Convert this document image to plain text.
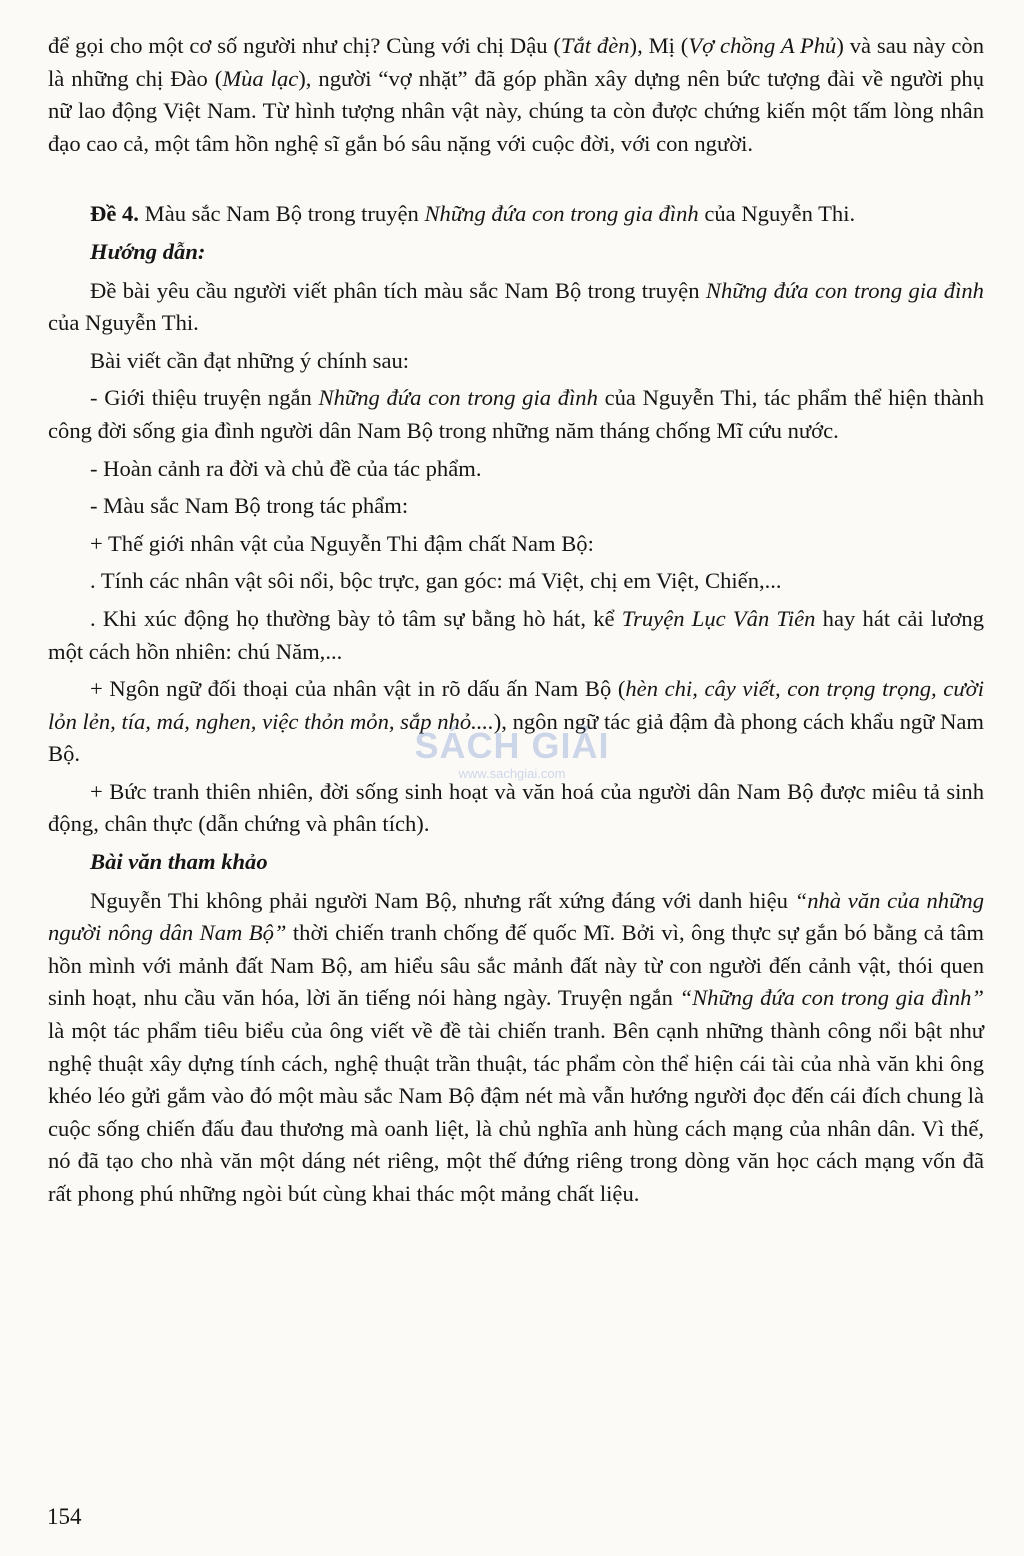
để gọi cho một cơ số người như chị? Cùng với chị Dậu (Tắt đèn), Mị (Vợ chồng A Phủ) và sau này còn là những chị Đào (Mùa lạc), người “vợ nhặt” đã góp phần xây dựng nên bức tượng đài về người phụ nữ lao động Việt Nam. Từ hình tượng nhân vật này, chúng ta còn được chứng kiến một tấm lòng nhân đạo cao cả, một tâm hồn nghệ sĩ gắn bó sâu nặng với cuộc đời, với con người.

Đề 4. Màu sắc Nam Bộ trong truyện Những đứa con trong gia đình của Nguyễn Thi.

Hướng dẫn:

Đề bài yêu cầu người viết phân tích màu sắc Nam Bộ trong truyện Những đứa con trong gia đình của Nguyễn Thi.

Bài viết cần đạt những ý chính sau:

- Giới thiệu truyện ngắn Những đứa con trong gia đình của Nguyễn Thi, tác phẩm thể hiện thành công đời sống gia đình người dân Nam Bộ trong những năm tháng chống Mĩ cứu nước.

- Hoàn cảnh ra đời và chủ đề của tác phẩm.

- Màu sắc Nam Bộ trong tác phẩm:

+ Thế giới nhân vật của Nguyễn Thi đậm chất Nam Bộ:

. Tính các nhân vật sôi nổi, bộc trực, gan góc: má Việt, chị em Việt, Chiến,...

. Khi xúc động họ thường bày tỏ tâm sự bằng hò hát, kể Truyện Lục Vân Tiên hay hát cải lương một cách hồn nhiên: chú Năm,...

+ Ngôn ngữ đối thoại của nhân vật in rõ dấu ấn Nam Bộ (hèn chi, cây viết, con trọng trọng, cười lỏn lẻn, tía, má, nghen, việc thỏn mỏn, sắp nhỏ....), ngôn ngữ tác giả đậm đà phong cách khẩu ngữ Nam Bộ.

+ Bức tranh thiên nhiên, đời sống sinh hoạt và văn hoá của người dân Nam Bộ được miêu tả sinh động, chân thực (dẫn chứng và phân tích).

Bài văn tham khảo

Nguyễn Thi không phải người Nam Bộ, nhưng rất xứng đáng với danh hiệu “nhà văn của những người nông dân Nam Bộ” thời chiến tranh chống đế quốc Mĩ. Bởi vì, ông thực sự gắn bó bằng cả tâm hồn mình với mảnh đất Nam Bộ, am hiểu sâu sắc mảnh đất này từ con người đến cảnh vật, thói quen sinh hoạt, nhu cầu văn hóa, lời ăn tiếng nói hàng ngày. Truyện ngắn “Những đứa con trong gia đình” là một tác phẩm tiêu biểu của ông viết về đề tài chiến tranh. Bên cạnh những thành công nổi bật như nghệ thuật xây dựng tính cách, nghệ thuật trần thuật, tác phẩm còn thể hiện cái tài của nhà văn khi ông khéo léo gửi gắm vào đó một màu sắc Nam Bộ đậm nét mà vẫn hướng người đọc đến cái đích chung là cuộc sống chiến đấu đau thương mà oanh liệt, là chủ nghĩa anh hùng cách mạng của nhân dân. Vì thế, nó đã tạo cho nhà văn một dáng nét riêng, một thế đứng riêng trong dòng văn học cách mạng vốn đã rất phong phú những ngòi bút cùng khai thác một mảng chất liệu.

SÁCH GIẢI
www.sachgiai.com
154
